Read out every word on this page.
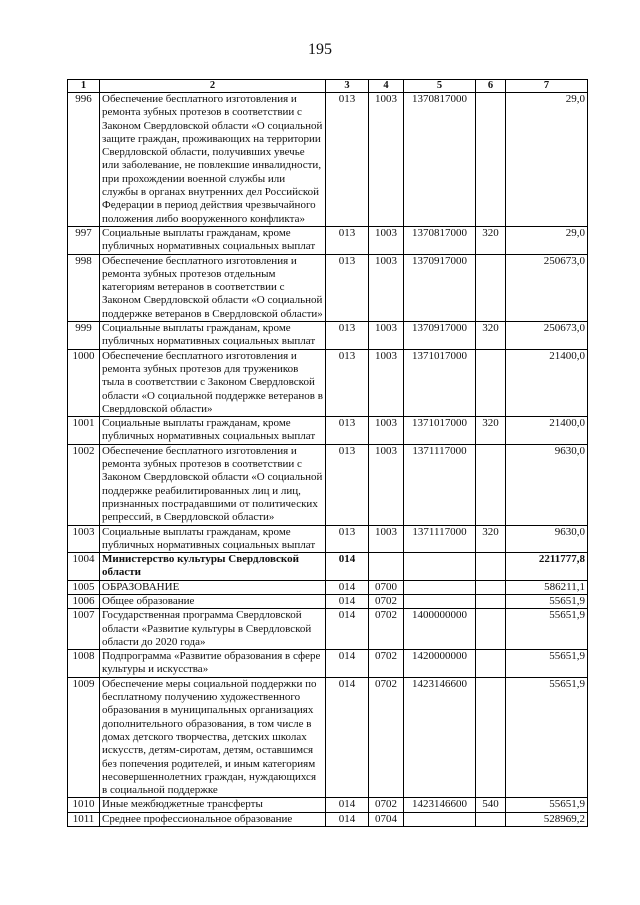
195
1	2	3	4	5	6	7
996	Обеспечение бесплатного изготовления и ремонта зубных протезов в соответствии с Законом Свердловской области «О социальной защите граждан, проживающих на территории Свердловской области, получивших увечье или заболевание, не повлекшие инвалидности, при прохождении военной службы или службы в органах внутренних дел Российской Федерации в период действия чрезвычайного положения либо вооруженного конфликта»	013	1003	1370817000		29,0
997	Социальные выплаты гражданам, кроме публичных нормативных социальных выплат	013	1003	1370817000	320	29,0
998	Обеспечение бесплатного изготовления и ремонта зубных протезов отдельным категориям ветеранов в соответствии с Законом Свердловской области «О социальной поддержке ветеранов в Свердловской области»	013	1003	1370917000		250673,0
999	Социальные выплаты гражданам, кроме публичных нормативных социальных выплат	013	1003	1370917000	320	250673,0
1000	Обеспечение бесплатного изготовления и ремонта зубных протезов для тружеников тыла в соответствии с Законом Свердловской области «О социальной поддержке ветеранов в Свердловской области»	013	1003	1371017000		21400,0
1001	Социальные выплаты гражданам, кроме публичных нормативных социальных выплат	013	1003	1371017000	320	21400,0
1002	Обеспечение бесплатного изготовления и ремонта зубных протезов в соответствии с Законом Свердловской области «О социальной поддержке реабилитированных лиц и лиц, признанных пострадавшими от политических репрессий, в Свердловской области»	013	1003	1371117000		9630,0
1003	Социальные выплаты гражданам, кроме публичных нормативных социальных выплат	013	1003	1371117000	320	9630,0
1004	Министерство культуры Свердловской области	014				2211777,8
1005	ОБРАЗОВАНИЕ	014	0700			586211,1
1006	Общее образование	014	0702			55651,9
1007	Государственная программа Свердловской области «Развитие культуры в Свердловской области до 2020 года»	014	0702	1400000000		55651,9
1008	Подпрограмма «Развитие образования в сфере культуры и искусства»	014	0702	1420000000		55651,9
1009	Обеспечение меры социальной поддержки по бесплатному получению художественного образования в муниципальных организациях дополнительного образования, в том числе в домах детского творчества, детских школах искусств, детям-сиротам, детям, оставшимся без попечения родителей, и иным категориям несовершеннолетних граждан, нуждающихся в социальной поддержке	014	0702	1423146600		55651,9
1010	Иные межбюджетные трансферты	014	0702	1423146600	540	55651,9
1011	Среднее профессиональное образование	014	0704			528969,2
